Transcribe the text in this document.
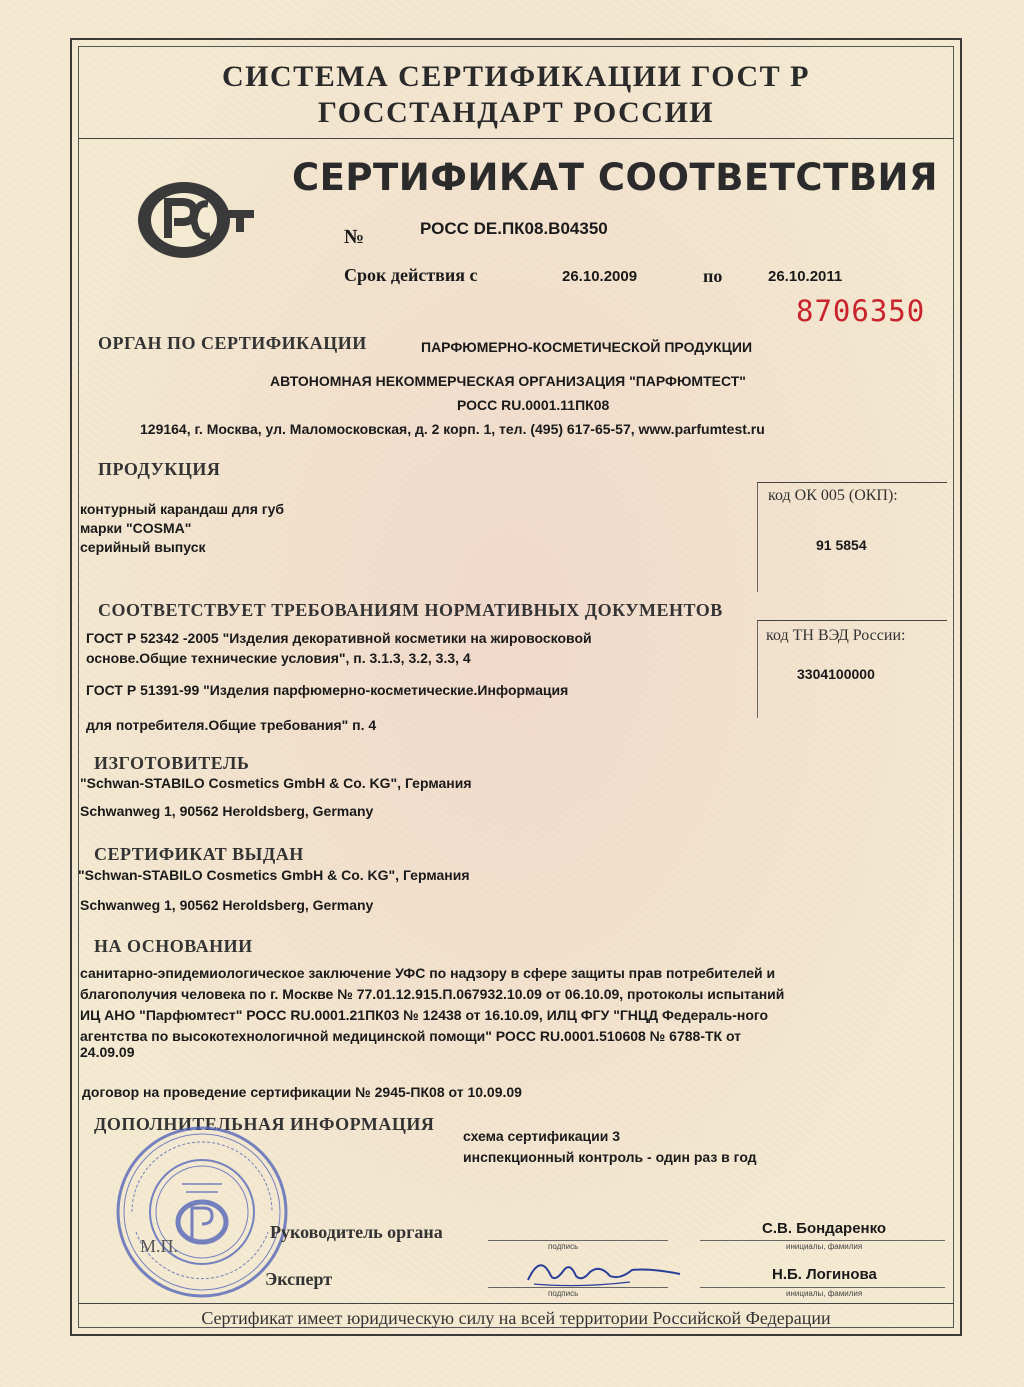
СИСТЕМА СЕРТИФИКАЦИИ ГОСТ Р
ГОССТАНДАРТ РОССИИ
РСТ	СЕРТИФИКАТ СООТВЕТСТВИЯ
№	РОСС DE.ПК08.В04350
Срок действия с	26.10.2009	по	26.10.2011
8706350
ОРГАН ПО СЕРТИФИКАЦИИ	ПАРФЮМЕРНО-КОСМЕТИЧЕСКОЙ ПРОДУКЦИИ
АВТОНОМНАЯ НЕКОММЕРЧЕСКАЯ ОРГАНИЗАЦИЯ "ПАРФЮМТЕСТ"
РОСС RU.0001.11ПК08
129164, г. Москва, ул. Маломосковская, д. 2 корп. 1, тел. (495) 617-65-57, www.parfumtest.ru
ПРОДУКЦИЯ
контурный карандаш для губ
марки "COSMA"
серийный выпуск
код ОК 005 (ОКП):
91 5854
СООТВЕТСТВУЕТ ТРЕБОВАНИЯМ НОРМАТИВНЫХ ДОКУМЕНТОВ
ГОСТ Р 52342 -2005 "Изделия декоративной косметики на жировосковой
основе.Общие технические условия", п. 3.1.3, 3.2, 3.3, 4
ГОСТ Р 51391-99 "Изделия парфюмерно-косметические.Информация
для потребителя.Общие требования" п. 4
код ТН ВЭД России:
3304100000
ИЗГОТОВИТЕЛЬ
"Schwan-STABILO Cosmetics GmbH & Co. KG", Германия
Schwanweg 1, 90562 Heroldsberg, Germany
СЕРТИФИКАТ ВЫДАН
"Schwan-STABILO Cosmetics GmbH & Co. KG", Германия
Schwanweg 1, 90562 Heroldsberg, Germany
НА ОСНОВАНИИ
санитарно-эпидемиологическое заключение УФС по надзору в сфере защиты прав потребителей и
благополучия человека по г. Москве № 77.01.12.915.П.067932.10.09 от 06.10.09, протоколы испытаний
ИЦ АНО "Парфюмтест" РОСС RU.0001.21ПК03 № 12438 от 16.10.09, ИЛЦ ФГУ "ГНЦД Федераль-ного
агентства по высокотехнологичной медицинской помощи" РОСС RU.0001.510608 № 6788-ТК от
24.09.09
договор на проведение сертификации № 2945-ПК08 от 10.09.09
ДОПОЛНИТЕЛЬНАЯ ИНФОРМАЦИЯ
схема сертификации 3
инспекционный контроль - один раз в год
М.П.
Руководитель органа
подпись
С.В. Бондаренко
инициалы, фамилия
Эксперт
подпись
Н.Б. Логинова
инициалы, фамилия
Сертификат имеет юридическую силу на всей территории Российской Федерации
